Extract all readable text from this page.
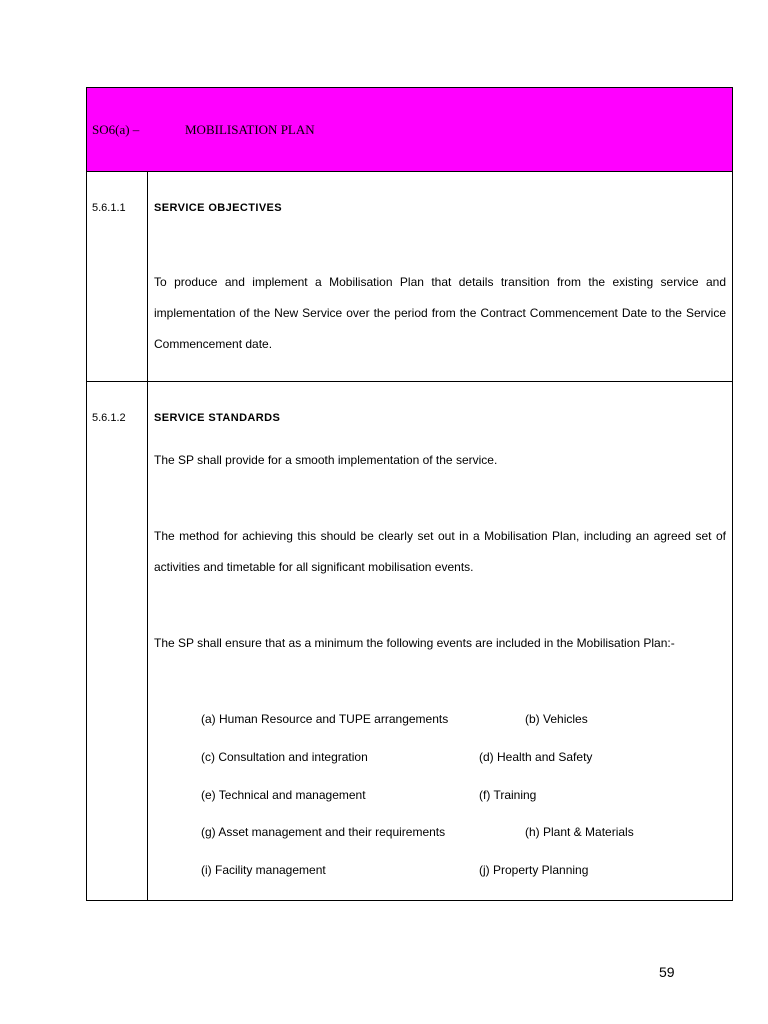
SO6(a) –	MOBILISATION PLAN
5.6.1.1	SERVICE OBJECTIVES

To produce and implement a Mobilisation Plan that details transition from the existing service and implementation of the New Service over the period from the Contract Commencement Date to the Service Commencement date.

5.6.1.2	SERVICE STANDARDS

The SP shall provide for a smooth implementation of the service.

The method for achieving this should be clearly set out in a Mobilisation Plan, including an agreed set of activities and timetable for all significant mobilisation events.

The SP shall ensure that as a minimum the following events are included in the Mobilisation Plan:-

(a) Human Resource and TUPE arrangements	(b) Vehicles
(c) Consultation and integration	(d) Health and Safety
(e) Technical and management	(f) Training
(g) Asset management and their requirements	(h) Plant & Materials
(i) Facility management	(j) Property Planning
59
